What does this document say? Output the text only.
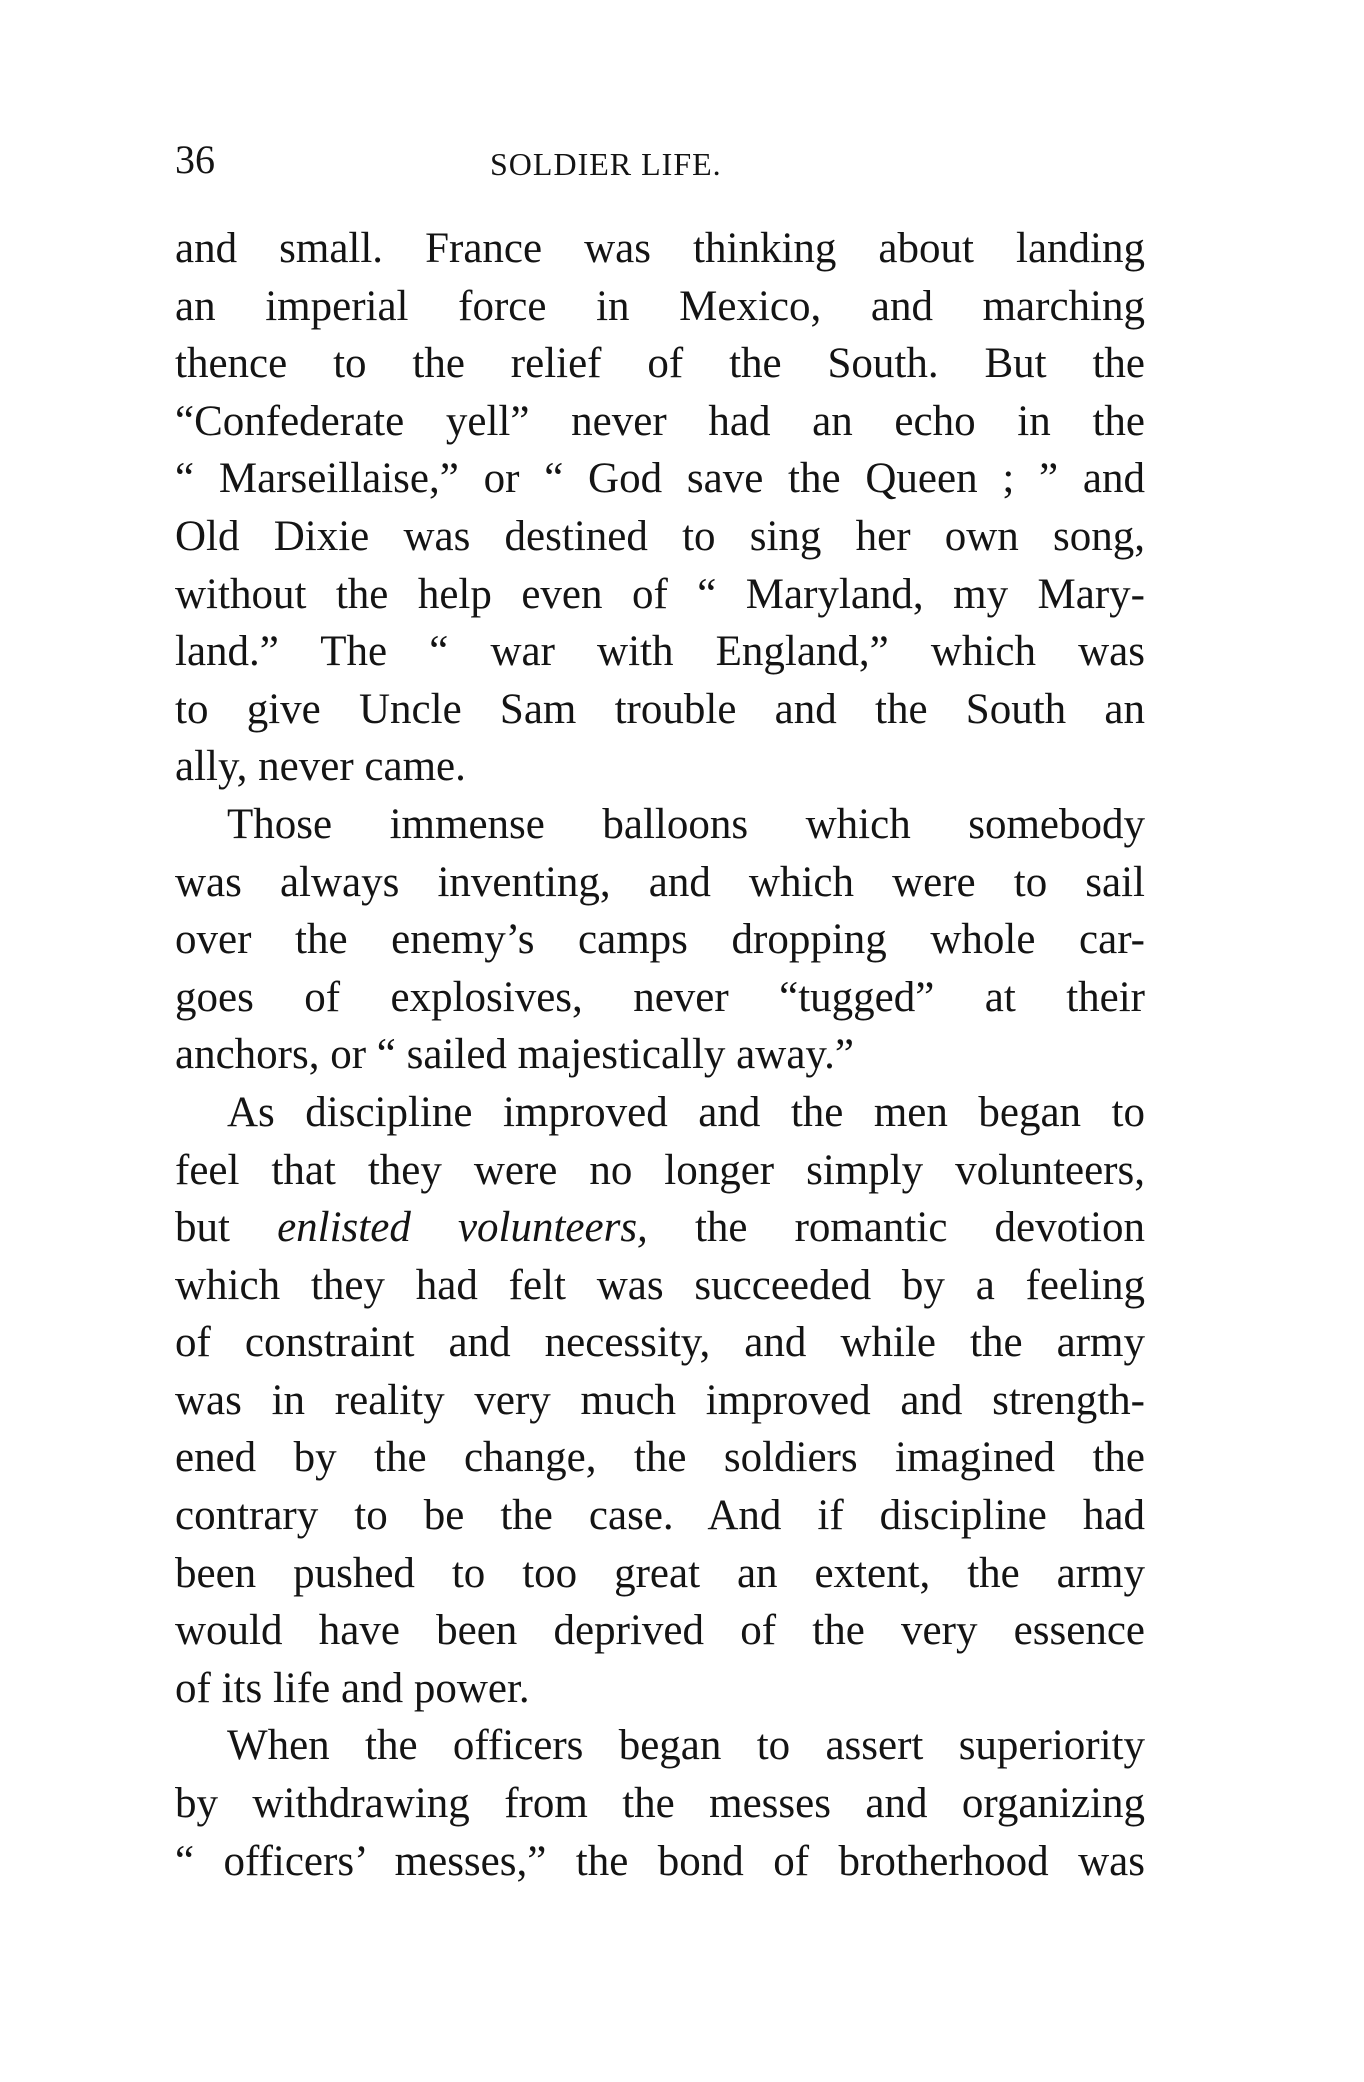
36	SOLDIER LIFE.
and small. France was thinking about landing
an imperial force in Mexico, and marching
thence to the relief of the South. But the
“Confederate yell” never had an echo in the
“ Marseillaise,” or “ God save the Queen ; ” and
Old Dixie was destined to sing her own song,
without the help even of “ Maryland, my Mary-
land.” The “ war with England,” which was
to give Uncle Sam trouble and the South an
ally, never came.
Those immense balloons which somebody
was always inventing, and which were to sail
over the enemy’s camps dropping whole car-
goes of explosives, never “tugged” at their
anchors, or “ sailed majestically away.”
As discipline improved and the men began to
feel that they were no longer simply volunteers,
but enlisted volunteers, the romantic devotion
which they had felt was succeeded by a feeling
of constraint and necessity, and while the army
was in reality very much improved and strength-
ened by the change, the soldiers imagined the
contrary to be the case. And if discipline had
been pushed to too great an extent, the army
would have been deprived of the very essence
of its life and power.
When the officers began to assert superiority
by withdrawing from the messes and organizing
“ officers’ messes,” the bond of brotherhood was
